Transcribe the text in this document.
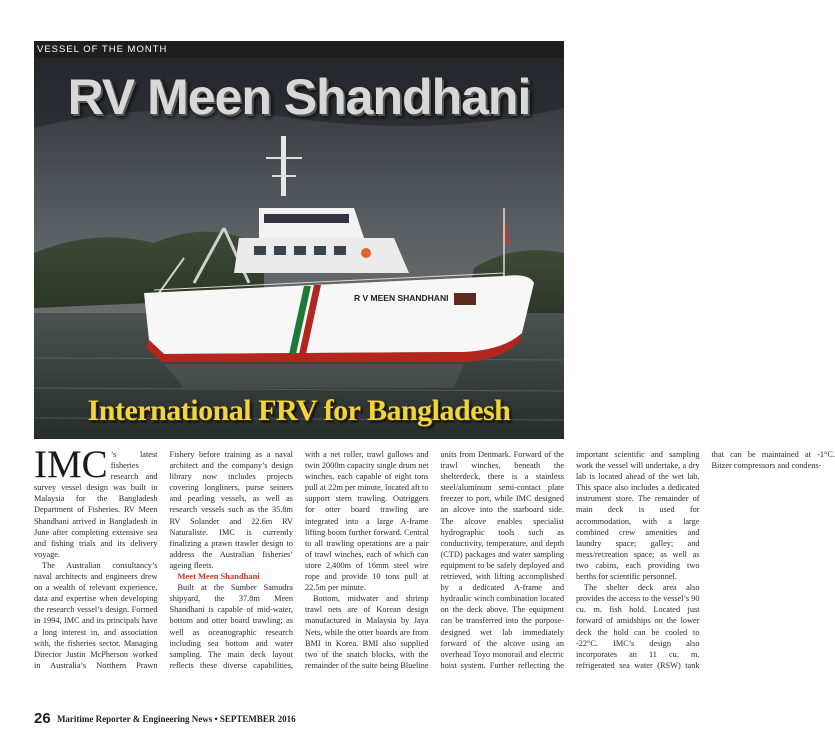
VESSEL OF THE MONTH
R V MEEN SHANDHANI
RV Meen Shandhani
International FRV for Bangladesh

IMC ’s latest fisheries research and survey vessel design was built in Malaysia for the Bangladesh Department of Fisheries. RV Meen Shandhani arrived in Bangladesh in June after completing extensive sea and fishing trials and its delivery voyage.

The Australian consultancy’s naval architects and engineers drew on a wealth of relevant experience, data and expertise when developing the research vessel’s design. Formed in 1994, IMC and its principals have a long interest in, and association with, the fisheries sector. Managing Director Justin McPherson worked in Australia’s Northern Prawn Fishery before training as a naval architect and the company’s design library now includes projects covering longliners, purse seiners and pearling vessels, as well as research vessels such as the 35.8m RV Solander and 22.6m RV Naturaliste. IMC is currently finalizing a prawn trawler design to address the Australian fisheries’ ageing fleets.

Meet Meen Shandhani

Built at the Sumber Samudra shipyard, the 37.8m Meen Shandhani is capable of mid-water, bottom and otter board trawling; as well as oceanographic research including sea bottom and water sampling. The main deck layout reflects these diverse capabilities, with a net roller, trawl gallows and twin 2000m capacity single drum net winches, each capable of eight tons pull at 22m per minute, located aft to support stern trawling. Outriggers for otter board trawling are integrated into a large A-frame lifting boom further forward. Central to all trawling operations are a pair of trawl winches, each of which can store 2,400m of 16mm steel wire rope and provide 10 tons pull at 22.5m per minute.

Bottom, midwater and shrimp trawl nets are of Korean design manufactured in Malaysia by Jaya Nets, while the otter boards are from BMI in Korea. BMI also supplied two of the snatch blocks, with the remainder of the suite being Blueline units from Denmark. Forward of the trawl winches, beneath the shelterdeck, there is a stainless steel/aluminum semi-contact plate freezer to port, while IMC designed an alcove into the starboard side. The alcove enables specialist hydrographic tools such as conductivity, temperature, and depth (CTD) packages and water sampling equipment to be safely deployed and retrieved, with lifting accomplished by a dedicated A-frame and hydraulic winch combination located on the deck above. The equipment can be transferred into the purpose-designed wet lab immediately forward of the alcove using an overhead Toyo monorail and electric hoist system. Further reflecting the important scientific and sampling work the vessel will undertake, a dry lab is located ahead of the wet lab. This space also includes a dedicated instrument store. The remainder of main deck is used for accommodation, with a large combined crew amenities and laundry space; galley; and mess/recreation space; as well as two cabins, each providing two berths for scientific personnel.

The shelter deck area also provides the access to the vessel’s 90 cu. m. fish hold. Located just forward of amidships on the lower deck the hold can be cooled to -22°C. IMC’s design also incorporates an 11 cu. m. refrigerated sea water (RSW) tank that can be maintained at -1°C. Bitzer compressors and condens-

26 Maritime Reporter & Engineering News • SEPTEMBER 2016
